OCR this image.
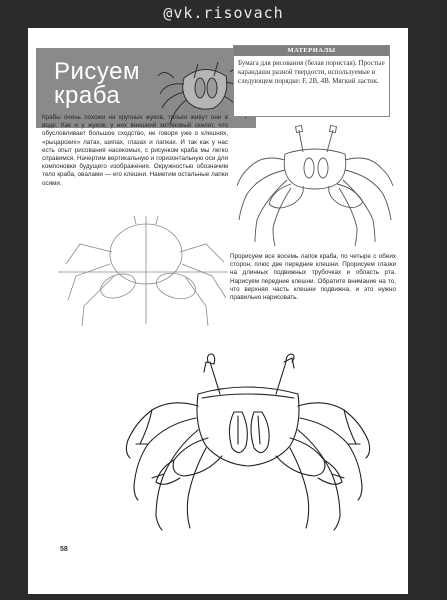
@vk.risovach
Рисуем
краба
МАТЕРИАЛЫ
Бумага для рисования (белая пористая). Простые карандаши разной твердости, используемые в следующем порядке: F, 2B, 4B. Мягкий ластик.
Крабы очень похожи на крупных жуков, только живут они в воде. Как и у жуков, у них внешний хитиновый скелет, что обусловливает большое сходство, не говоря уже о клешнях, «рыцарских» латах, шипах, глазах и лапках. И так как у нас есть опыт рисования насекомых, с рисунком краба мы легко справимся. Начертим вертикальную и горизонтальную оси для компоновки будущего изображения. Окружностью обозначим тело краба, овалами — его клешни. Наметим остальные лапки осями.
Прорисуем все восемь лапок краба, по четыре с обеих сторон, плюс две передние клешни. Прорисуем глазки на длинных подвижных трубочках и область рта. Нарисуем передние клешни. Обратите внимание на то, что верхняя часть клешни подвижна, и это нужно правильно нарисовать.
58
